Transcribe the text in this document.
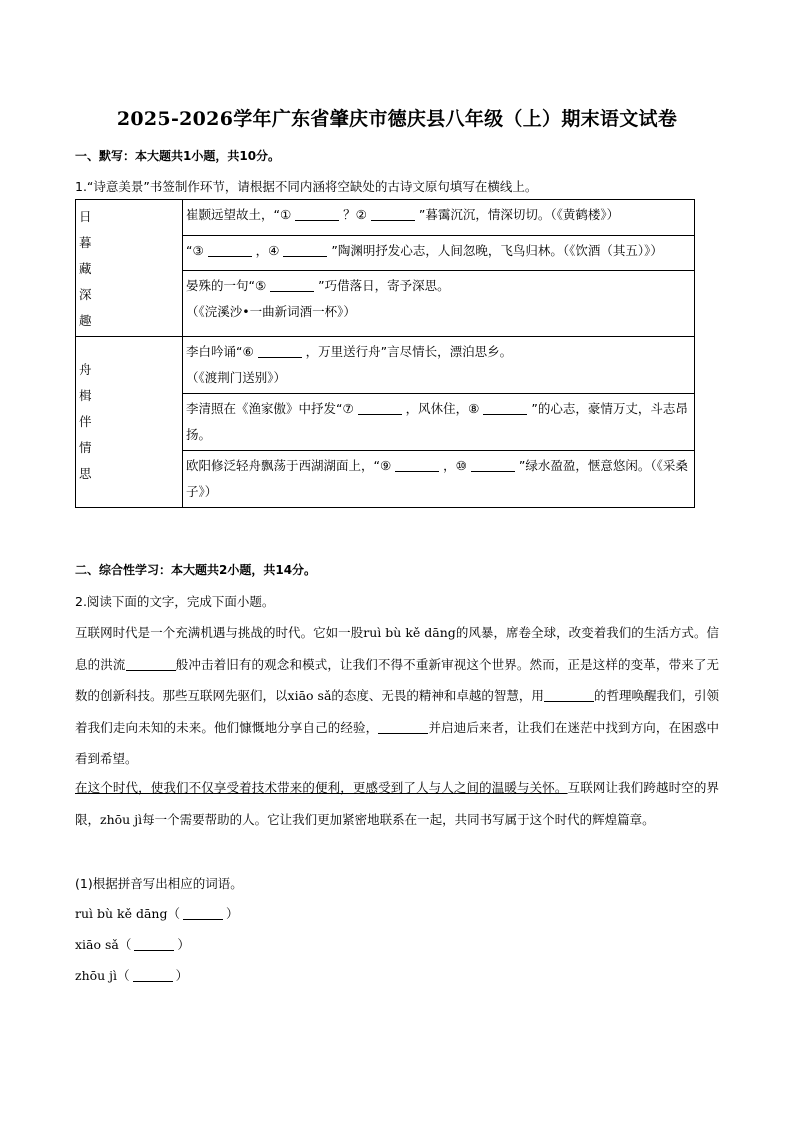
2025-2026学年广东省肇庆市德庆县八年级（上）期末语文试卷

一、默写：本大题共1小题，共10分。

1.“诗意美景”书签制作环节，请根据不同内涵将空缺处的古诗文原句填写在横线上。

日
暮
藏
深
趣	崔颢远望故土，“① ？② ”暮霭沉沉，情深切切。（《黄鹤楼》）
	“③ ，④ ”陶渊明抒发心志，人间忽晚，飞鸟归林。（《饮酒（其五）》）
	晏殊的一句“⑤ ”巧借落日，寄予深思。
（《浣溪沙•一曲新词酒一杯》）

舟
楫
伴
情
思	李白吟诵“⑥ ，万里送行舟”言尽情长，漂泊思乡。
（《渡荆门送别》）
	李清照在《渔家傲》中抒发“⑦ ，风休住，⑧ ”的心志，豪情万丈，斗志昂扬。
	欧阳修泛轻舟飘荡于西湖湖面上，“⑨ ，⑩ ”绿水盈盈，惬意悠闲。（《采桑子》）

二、综合性学习：本大题共2小题，共14分。

2.阅读下面的文字，完成下面小题。

互联网时代是一个充满机遇与挑战的时代。它如一股ruì bù kě dāng的风暴，席卷全球，改变着我们的生活方式。信息的洪流	般冲击着旧有的观念和模式，让我们不得不重新审视这个世界。然而，正是这样的变革，带来了无数的创新科技。那些互联网先驱们，以xiāo sǎ的态度、无畏的精神和卓越的智慧，用	的哲理唤醒我们，引领着我们走向未知的未来。他们慷慨地分享自己的经验，	并启迪后来者，让我们在迷茫中找到方向，在困惑中看到希望。

在这个时代，使我们不仅享受着技术带来的便利，更感受到了人与人之间的温暖与关怀。互联网让我们跨越时空的界限，zhōu jì每一个需要帮助的人。它让我们更加紧密地联系在一起，共同书写属于这个时代的辉煌篇章。

(1)根据拼音写出相应的词语。

ruì bù kě dāng（	）

xiāo sǎ（	）

zhōu jì（	）
